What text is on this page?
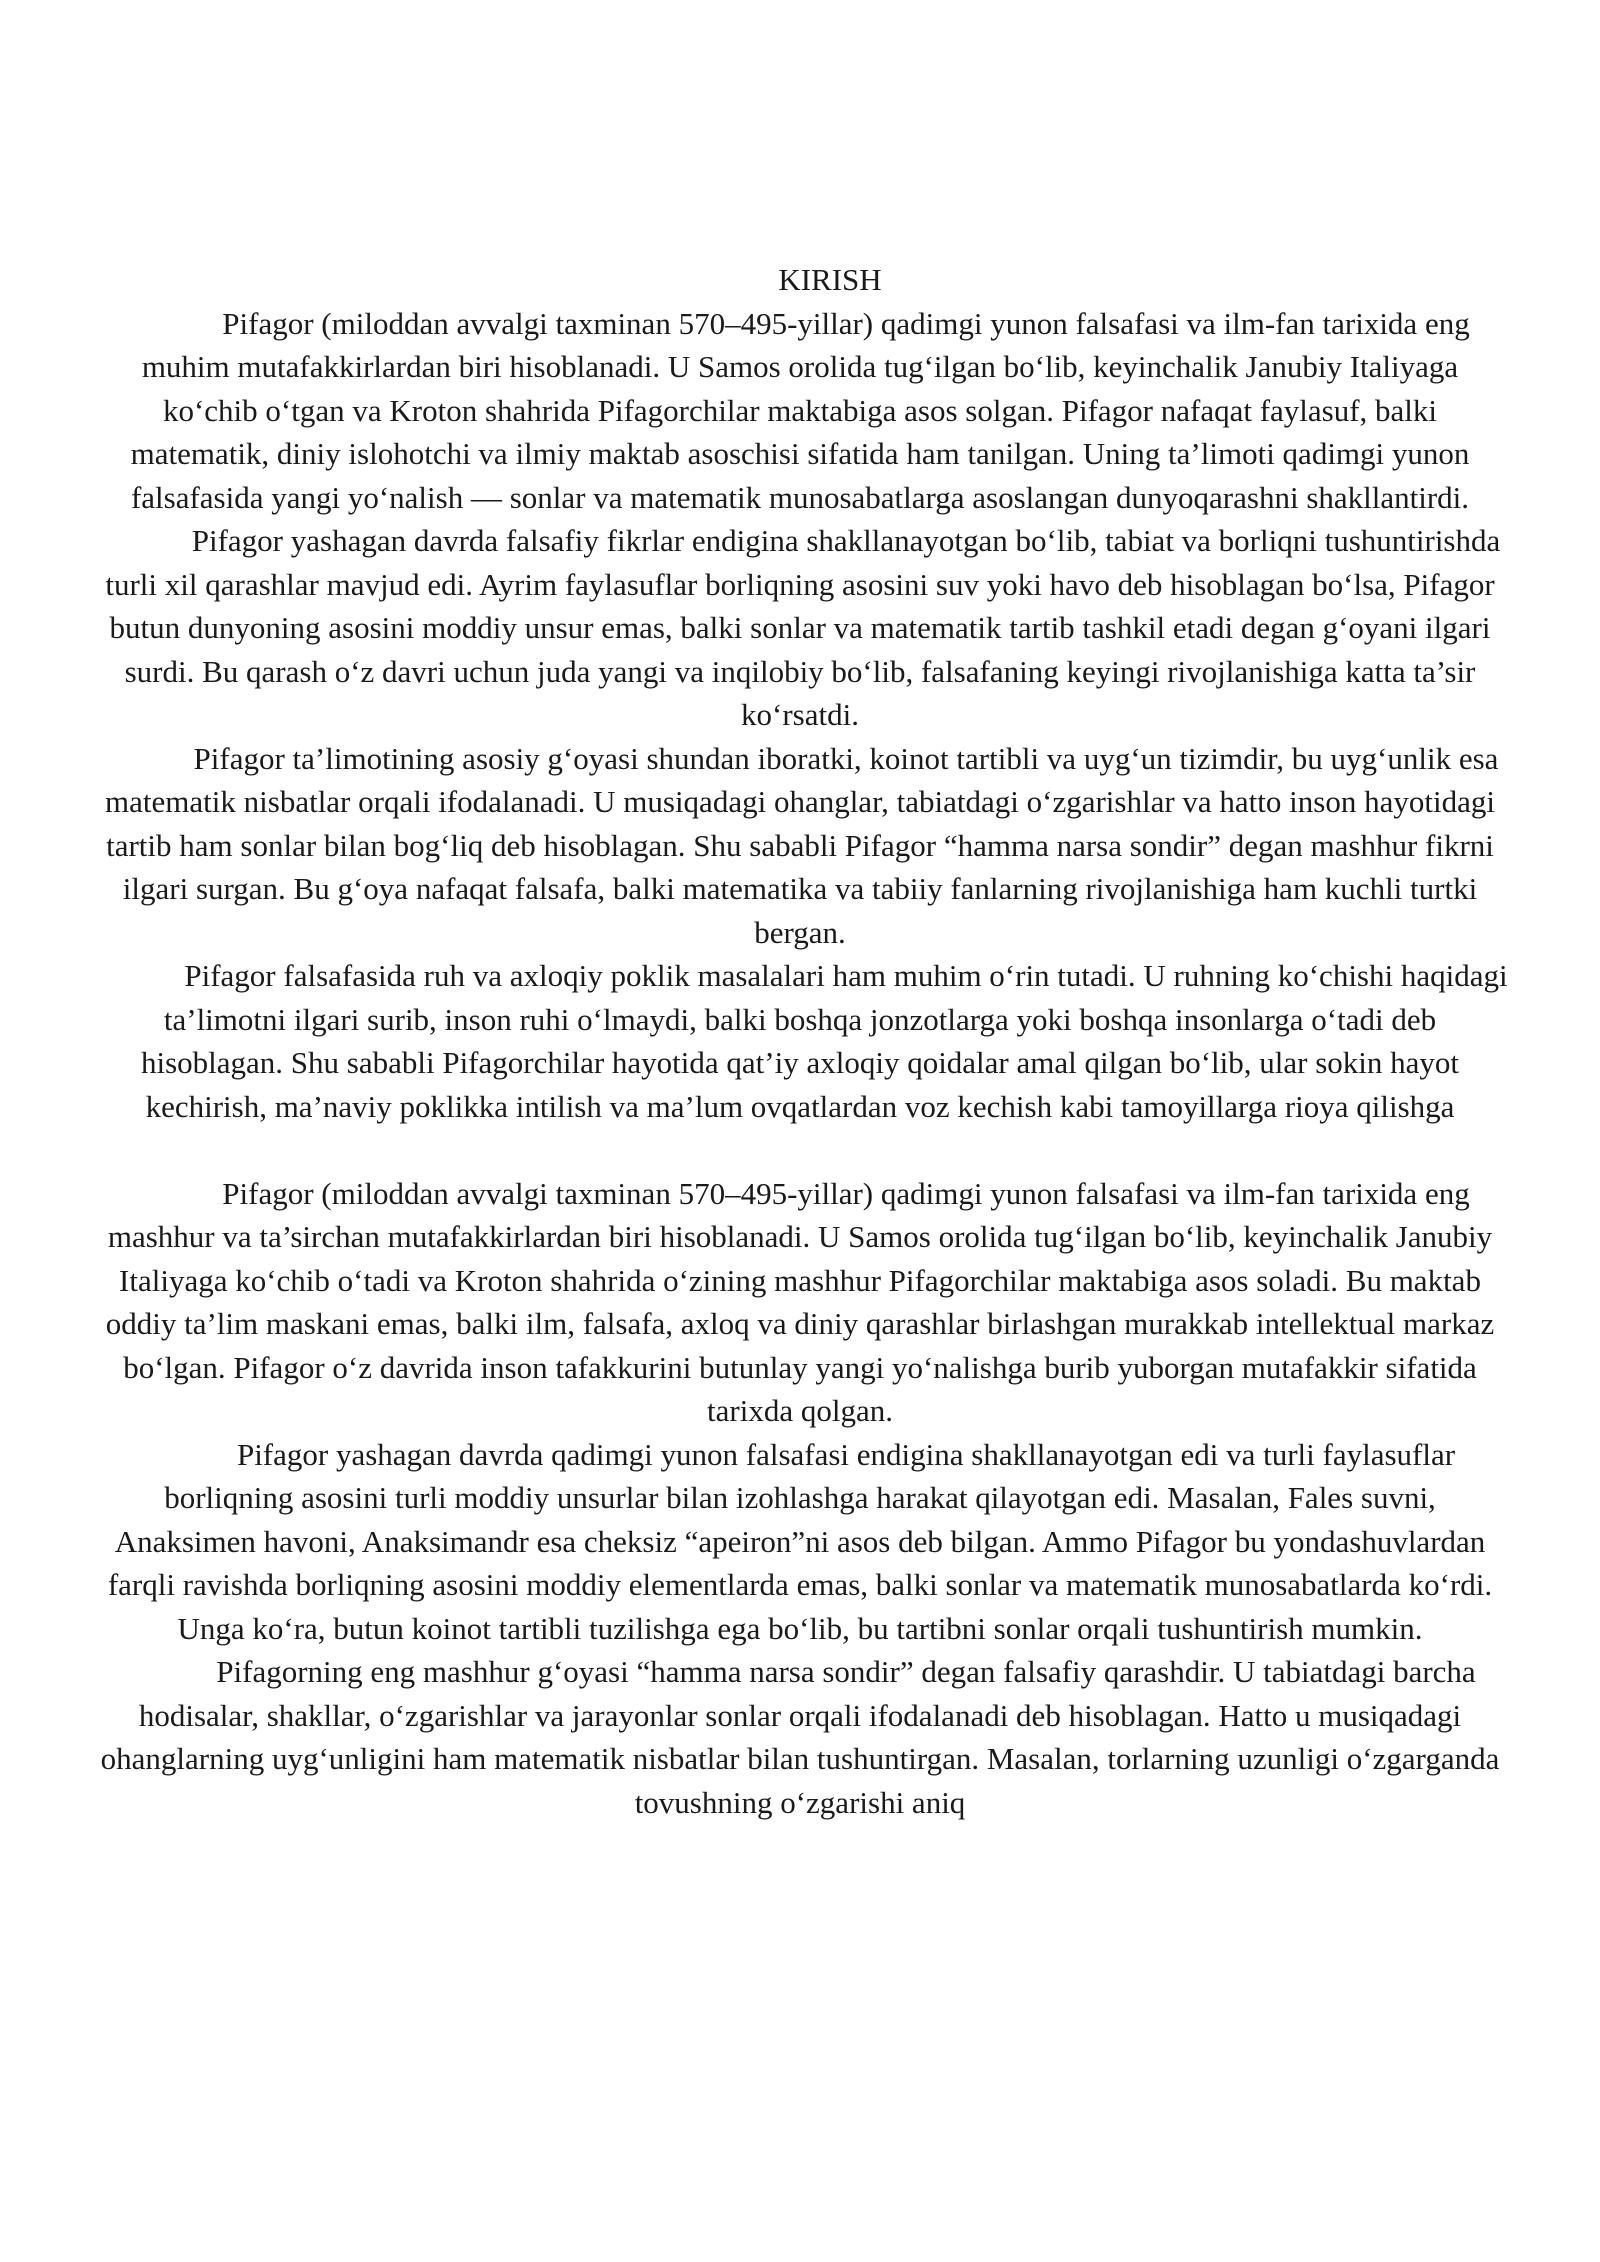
KIRISH

Pifagor (miloddan avvalgi taxminan 570–495-yillar) qadimgi yunon falsafasi va ilm-fan tarixida eng muhim mutafakkirlardan biri hisoblanadi. U Samos orolida tug‘ilgan bo‘lib, keyinchalik Janubiy Italiyaga ko‘chib o‘tgan va Kroton shahrida Pifagorchilar maktabiga asos solgan. Pifagor nafaqat faylasuf, balki matematik, diniy islohotchi va ilmiy maktab asoschisi sifatida ham tanilgan. Uning ta’limoti qadimgi yunon falsafasida yangi yo‘nalish — sonlar va matematik munosabatlarga asoslangan dunyoqarashni shakllantirdi.

Pifagor yashagan davrda falsafiy fikrlar endigina shakllanayotgan bo‘lib, tabiat va borliqni tushuntirishda turli xil qarashlar mavjud edi. Ayrim faylasuflar borliqning asosini suv yoki havo deb hisoblagan bo‘lsa, Pifagor butun dunyoning asosini moddiy unsur emas, balki sonlar va matematik tartib tashkil etadi degan g‘oyani ilgari surdi. Bu qarash o‘z davri uchun juda yangi va inqilobiy bo‘lib, falsafaning keyingi rivojlanishiga katta ta’sir ko‘rsatdi.

Pifagor ta’limotining asosiy g‘oyasi shundan iboratki, koinot tartibli va uyg‘un tizimdir, bu uyg‘unlik esa matematik nisbatlar orqali ifodalanadi. U musiqadagi ohanglar, tabiatdagi o‘zgarishlar va hatto inson hayotidagi tartib ham sonlar bilan bog‘liq deb hisoblagan. Shu sababli Pifagor “hamma narsa sondir” degan mashhur fikrni ilgari surgan. Bu g‘oya nafaqat falsafa, balki matematika va tabiiy fanlarning rivojlanishiga ham kuchli turtki bergan.

Pifagor falsafasida ruh va axloqiy poklik masalalari ham muhim o‘rin tutadi. U ruhning ko‘chishi haqidagi ta’limotni ilgari surib, inson ruhi o‘lmaydi, balki boshqa jonzotlarga yoki boshqa insonlarga o‘tadi deb hisoblagan. Shu sababli Pifagorchilar hayotida qat’iy axloqiy qoidalar amal qilgan bo‘lib, ular sokin hayot kechirish, ma’naviy poklikka intilish va ma’lum ovqatlardan voz kechish kabi tamoyillarga rioya qilishga

Pifagor (miloddan avvalgi taxminan 570–495-yillar) qadimgi yunon falsafasi va ilm-fan tarixida eng mashhur va ta’sirchan mutafakkirlardan biri hisoblanadi. U Samos orolida tug‘ilgan bo‘lib, keyinchalik Janubiy Italiyaga ko‘chib o‘tadi va Kroton shahrida o‘zining mashhur Pifagorchilar maktabiga asos soladi. Bu maktab oddiy ta’lim maskani emas, balki ilm, falsafa, axloq va diniy qarashlar birlashgan murakkab intellektual markaz bo‘lgan. Pifagor o‘z davrida inson tafakkurini butunlay yangi yo‘nalishga burib yuborgan mutafakkir sifatida tarixda qolgan.

Pifagor yashagan davrda qadimgi yunon falsafasi endigina shakllanayotgan edi va turli faylasuflar borliqning asosini turli moddiy unsurlar bilan izohlashga harakat qilayotgan edi. Masalan, Fales suvni, Anaksimen havoni, Anaksimandr esa cheksiz “apeiron”ni asos deb bilgan. Ammo Pifagor bu yondashuvlardan farqli ravishda borliqning asosini moddiy elementlarda emas, balki sonlar va matematik munosabatlarda ko‘rdi. Unga ko‘ra, butun koinot tartibli tuzilishga ega bo‘lib, bu tartibni sonlar orqali tushuntirish mumkin.

Pifagorning eng mashhur g‘oyasi “hamma narsa sondir” degan falsafiy qarashdir. U tabiatdagi barcha hodisalar, shakllar, o‘zgarishlar va jarayonlar sonlar orqali ifodalanadi deb hisoblagan. Hatto u musiqadagi ohanglarning uyg‘unligini ham matematik nisbatlar bilan tushuntirgan. Masalan, torlarning uzunligi o‘zgarganda tovushning o‘zgarishi aniq
